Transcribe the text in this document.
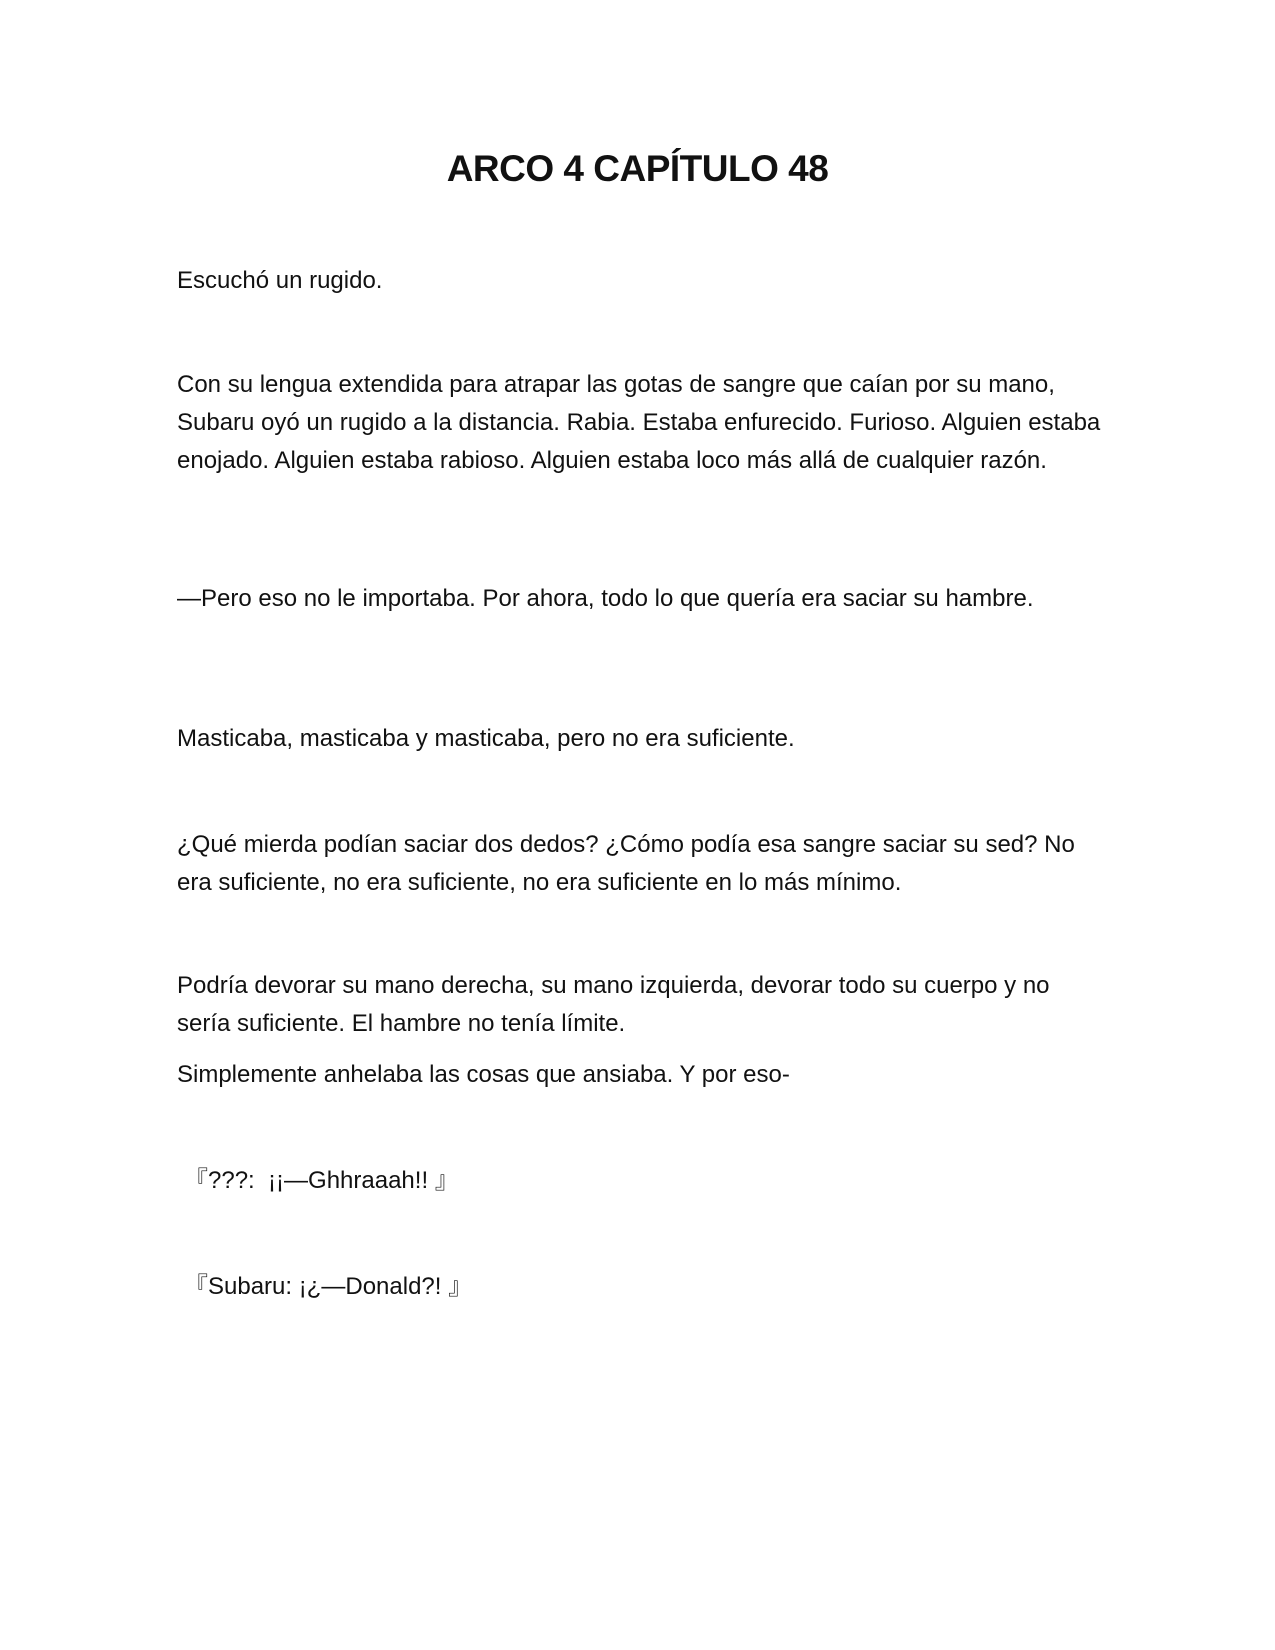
ARCO 4 CAPÍTULO 48

Escuchó un rugido.

Con su lengua extendida para atrapar las gotas de sangre que caían por su mano, Subaru oyó un rugido a la distancia. Rabia. Estaba enfurecido. Furioso. Alguien estaba enojado. Alguien estaba rabioso. Alguien estaba loco más allá de cualquier razón.

—Pero eso no le importaba. Por ahora, todo lo que quería era saciar su hambre.

Masticaba, masticaba y masticaba, pero no era suficiente.

¿Qué mierda podían saciar dos dedos? ¿Cómo podía esa sangre saciar su sed? No era suficiente, no era suficiente, no era suficiente en lo más mínimo.

Podría devorar su mano derecha, su mano izquierda, devorar todo su cuerpo y no sería suficiente. El hambre no tenía límite.

Simplemente anhelaba las cosas que ansiaba. Y por eso-

『???:  ¡¡—Ghhraaah!! 』

『Subaru: ¡¿—Donald?! 』
